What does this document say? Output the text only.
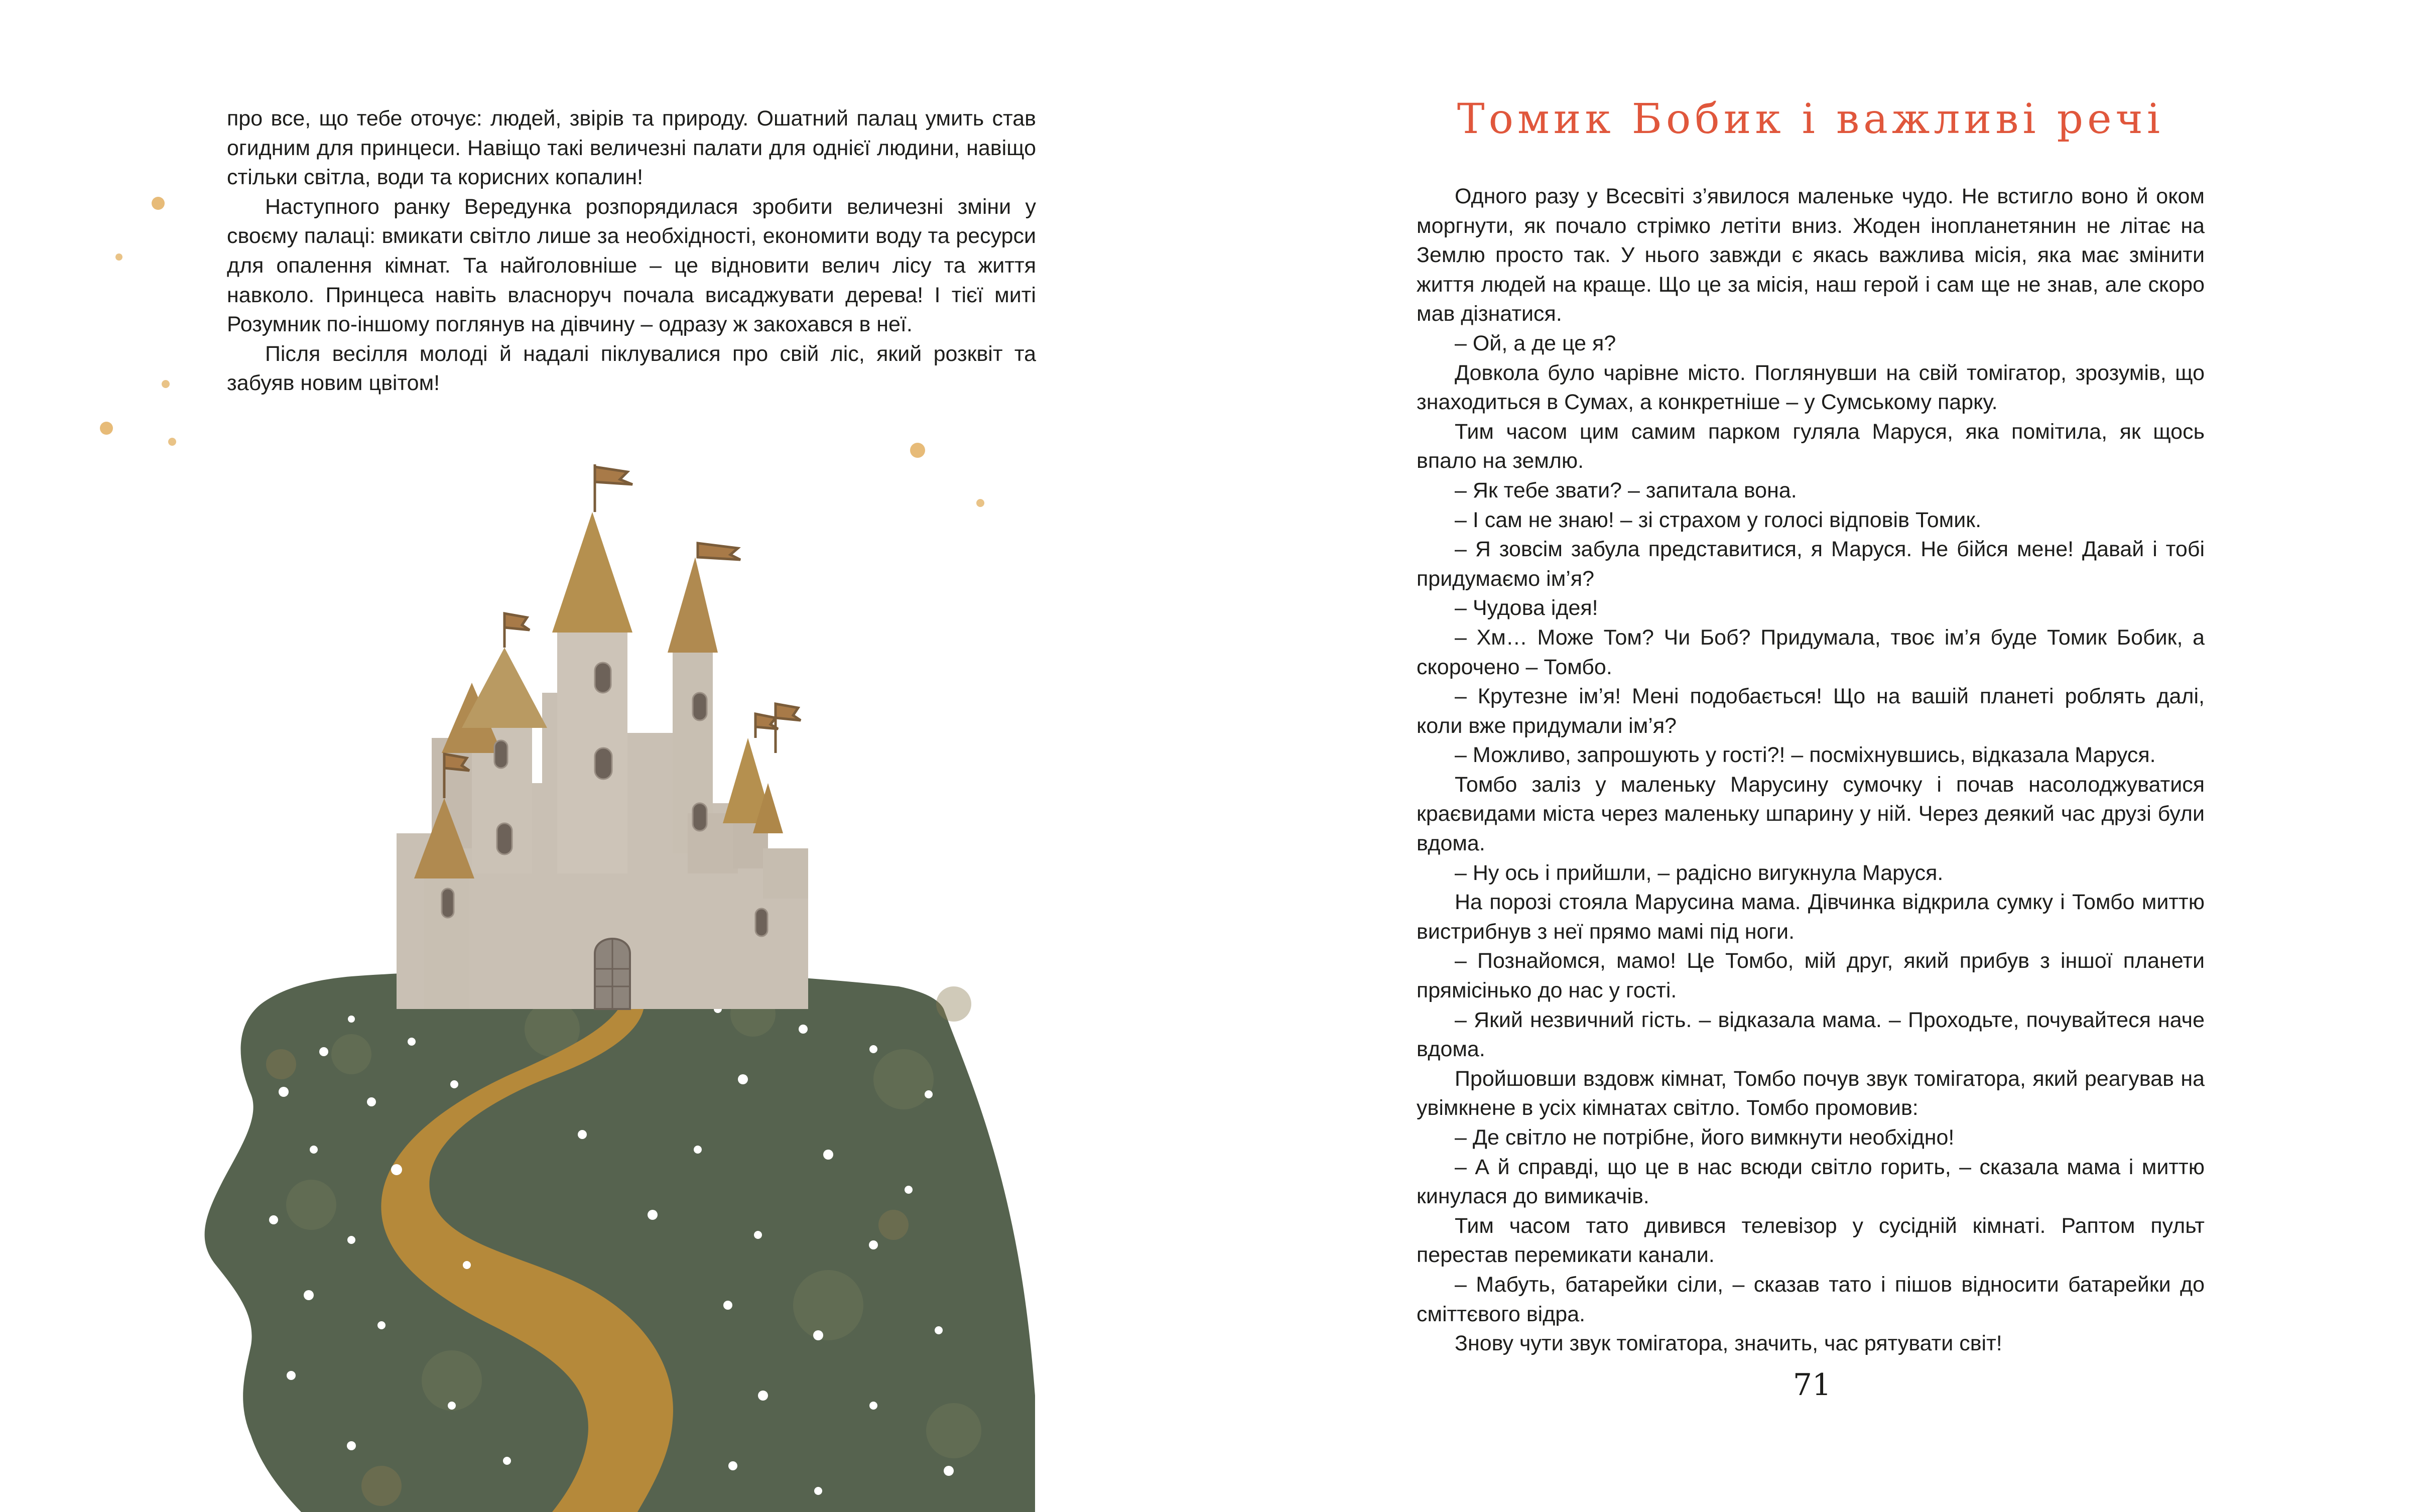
про все, що тебе оточує: людей, звірів та природу. Ошатний палац умить став огидним для принцеси. Навіщо такі величезні палати для однієї людини, навіщо стільки світла, води та корисних копалин!

Наступного ранку Вередунка розпорядилася зробити величезні зміни у своєму палаці: вмикати світло лише за необхідності, економити воду та ресурси для опалення кімнат. Та найголовніше – це відновити велич лісу та життя навколо. Принцеса навіть власноруч почала висаджувати дерева! І тієї миті Розумник по-іншому поглянув на дівчину – одразу ж закохався в неї.

Після весілля молоді й надалі піклувалися про свій ліс, який розквіт та забуяв новим цвітом!

Томик Бобик і важливі речі

Одного разу у Всесвіті з’явилося маленьке чудо. Не встигло воно й оком моргнути, як почало стрімко летіти вниз. Жоден інопланетянин не літає на Землю просто так. У нього завжди є якась важлива місія, яка має змінити життя людей на краще. Що це за місія, наш герой і сам ще не знав, але скоро мав дізнатися.

– Ой, а де це я?

Довкола було чарівне місто. Поглянувши на свій томігатор, зрозумів, що знаходиться в Сумах, а конкретніше – у Сумському парку.

Тим часом цим самим парком гуляла Маруся, яка помітила, як щось впало на землю.

– Як тебе звати? – запитала вона.

– І сам не знаю! – зі страхом у голосі відповів Томик.

– Я зовсім забула представитися, я Маруся. Не бійся мене! Давай і тобі придумаємо ім’я?

– Чудова ідея!

– Хм… Може Том? Чи Боб? Придумала, твоє ім’я буде Томик Бобик, а скорочено – Томбо.

– Крутезне ім’я! Мені подобається! Що на вашій планеті роблять далі, коли вже придумали ім’я?

– Можливо, запрошують у гості?! – посміхнувшись, відказала Маруся.

Томбо заліз у маленьку Марусину сумочку і почав насолоджуватися краєвидами міста через маленьку шпарину у ній. Через деякий час друзі були вдома.

– Ну ось і прийшли, – радісно вигукнула Маруся.

На порозі стояла Марусина мама. Дівчинка відкрила сумку і Томбо миттю вистрибнув з неї прямо мамі під ноги.

– Познайомся, мамо! Це Томбо, мій друг, який прибув з іншої планети прямісінько до нас у гості.

– Який незвичний гість. – відказала мама. – Проходьте, почувайтеся наче вдома.

Пройшовши вздовж кімнат, Томбо почув звук томігатора, який реагував на увімкнене в усіх кімнатах світло. Томбо промовив:

– Де світло не потрібне, його вимкнути необхідно!

– А й справді, що це в нас всюди світло горить, – сказала мама і миттю кинулася до вимикачів.

Тим часом тато дивився телевізор у сусідній кімнаті. Раптом пульт перестав перемикати канали.

– Мабуть, батарейки сіли, – сказав тато і пішов відносити батарейки до сміттєвого відра.

Знову чути звук томігатора, значить, час рятувати світ!

71
